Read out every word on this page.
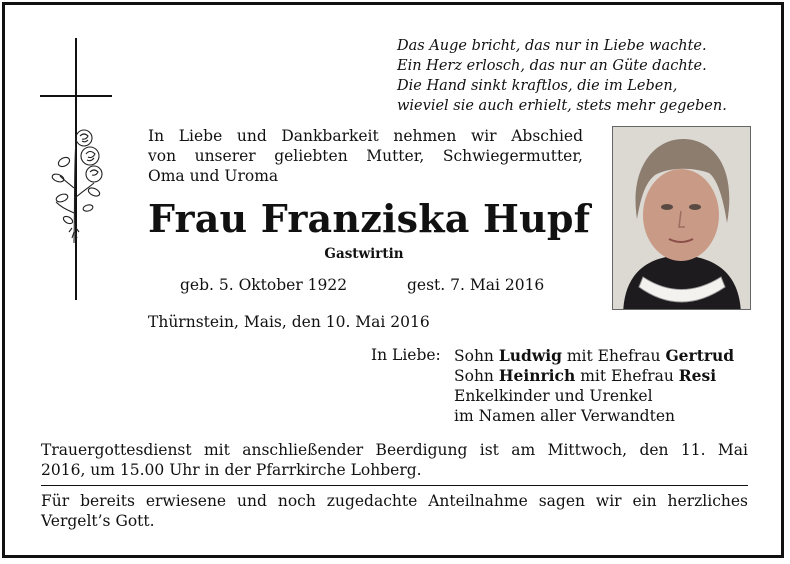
Das Auge bricht, das nur in Liebe wachte.
Ein Herz erlosch, das nur an Güte dachte.
Die Hand sinkt kraftlos, die im Leben,
wieviel sie auch erhielt, stets mehr gegeben.
In Liebe und Dankbarkeit nehmen wir Abschied
von unserer geliebten Mutter, Schwiegermutter,
Oma und Uroma
Frau Franziska Hupf
Gastwirtin
geb. 5. Oktober 1922	gest. 7. Mai 2016
Thürnstein, Mais, den 10. Mai 2016
In Liebe: Sohn Ludwig mit Ehefrau Gertrud
Sohn Heinrich mit Ehefrau Resi
Enkelkinder und Urenkel
im Namen aller Verwandten
Trauergottesdienst mit anschließender Beerdigung ist am Mittwoch, den 11. Mai
2016, um 15.00 Uhr in der Pfarrkirche Lohberg.
Für bereits erwiesene und noch zugedachte Anteilnahme sagen wir ein herzliches
Vergelt’s Gott.
